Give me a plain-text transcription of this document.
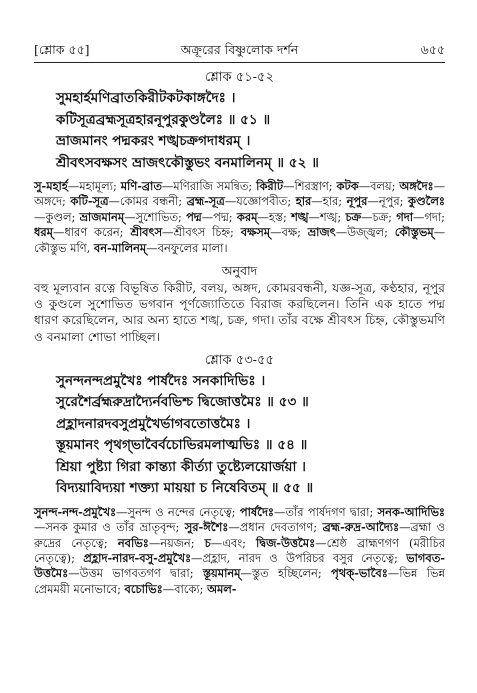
[শ্লোক ৫৫]	অক্রূরের বিষ্ণুলোক দর্শন	৬৫৫
শ্লোক ৫১-৫২
সুমহার্হমণিব্রাতকিরীটকটকাঙ্গদৈঃ ।
কটিসূত্রব্রহ্মসূত্রহারনূপুরকুণ্ডলৈঃ ॥ ৫১ ॥
ভ্রাজমানং পদ্মকরং শঙ্খচক্রগদাধরম্ ।
শ্রীবৎসবক্ষসং ভ্রাজৎকৌস্তুভং বনমালিনম্ ॥ ৫২ ॥
সু-মহার্হ—মহামূল্য; মণি-ব্রাত—মণিরাজি সমন্বিত; কিরীট—শিরস্ত্রাণ; কটক—বলয়; অঙ্গদৈঃ—অঙ্গদে; কটি-সূত্র—কোমর বন্ধনী; ব্রহ্ম-সূত্র—যজ্ঞোপবীত; হার—হার; নূপুর—নূপুর; কুণ্ডলৈঃ—কুণ্ডল; ভ্রাজমানম্—সুশোভিত; পদ্ম—পদ্ম; করম্—হস্ত; শঙ্খ—শঙ্খ; চক্র—চক্র; গদা—গদা; ধরম্—ধারণ করেন; শ্রীবৎস—শ্রীবৎস চিহ্ন; বক্ষসম্—বক্ষ; ভ্রাজৎ—উজ্জ্বল; কৌস্তুভম্—কৌস্তুভ মণি, বন-মালিনম্—বনফুলের মালা।
অনুবাদ
বহু মূল্যবান রত্নে বিভূষিত কিরীট, বলয়, অঙ্গদ, কোমরবন্ধনী, যজ্ঞ-সূত্র, কণ্ঠহার, নূপুর ও কুণ্ডলে সুশোভিত ভগবান পূর্ণজ্যোতিতে বিরাজ করছিলেন। তিনি এক হাতে পদ্ম ধারণ করেছিলেন, আর অন্য হাতে শঙ্খ, চক্র, গদা। তাঁর বক্ষে শ্রীবৎস চিহ্ন, কৌস্তুভমণি ও বনমালা শোভা পাচ্ছিল।
শ্লোক ৫৩-৫৫
সুনন্দনন্দপ্রমুখৈঃ পার্ষদৈঃ সনকাদিভিঃ ।
সুরেশৈর্ব্রহ্মরুদ্রাদ্যৈর্নবভিশ্চ দ্বিজোত্তমৈঃ ॥ ৫৩ ॥
প্রহ্লাদনারদবসুপ্রমুখৈর্ভাগবতোত্তমৈঃ ।
স্তূয়মানং পৃথগ্‌ভাবৈর্বচোভিরমলাত্মভিঃ ॥ ৫৪ ॥
শ্রিয়া পুষ্ট্যা গিরা কান্ত্যা কীর্ত্যা তুষ্ট্যেলয়োর্জয়া ।
বিদ্যয়াবিদ্যয়া শক্ত্যা মায়য়া চ নিষেবিতম্ ॥ ৫৫ ॥
সুনন্দ-নন্দ-প্রমুখৈঃ—সুনন্দ ও নন্দের নেতৃত্বে; পার্ষদৈঃ—তাঁর পার্ষদগণ দ্বারা; সনক-আদিভিঃ—সনক কুমার ও তাঁর ভ্রাতৃবৃন্দ; সুর-ঈশৈঃ—প্রধান দেবতাগণ; ব্রহ্ম-রুদ্র-আদ্যৈঃ—ব্রহ্মা ও রুদ্রের নেতৃত্বে; নবভিঃ—নয়জন; চ—এবং; দ্বিজ-উত্তমৈঃ—শ্রেষ্ঠ ব্রাহ্মণগণ (মরীচির নেতৃত্বে); প্রহ্লাদ-নারদ-বসু-প্রমুখৈঃ—প্রহ্লাদ, নারদ ও উপরিচর বসুর নেতৃত্বে; ভাগবত-উত্তমৈঃ—উত্তম ভাগবতগণ দ্বারা; স্তূয়মানম্—স্তুত হচ্ছিলেন; পৃথক্-ভাবৈঃ—ভিন্ন ভিন্ন প্রেমময়ী মনোভাবে; বচোভিঃ—বাক্যে; অমল-
